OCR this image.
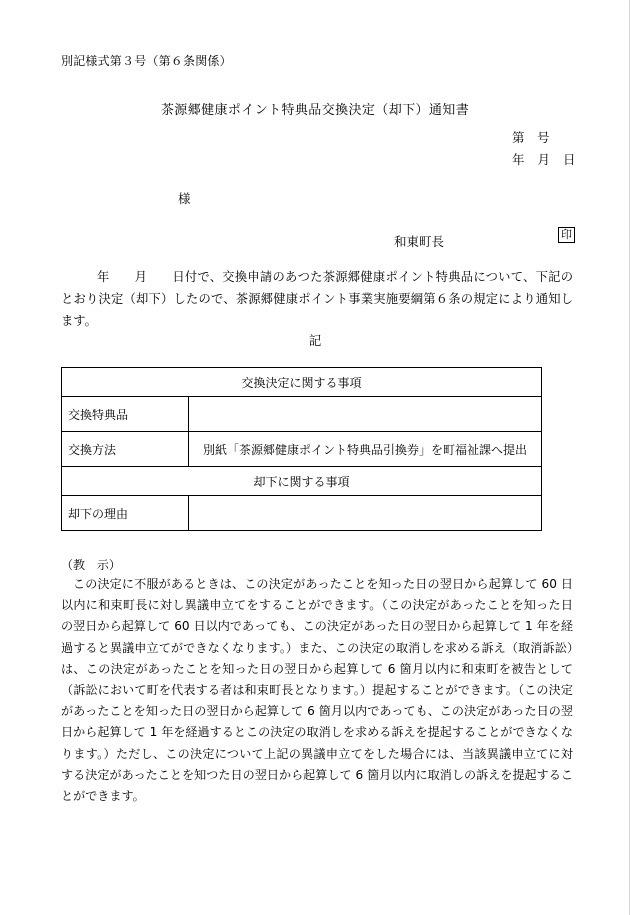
別記様式第３号（第６条関係）
茶源郷健康ポイント特典品交換決定（却下）通知書
第　号
年 月 日
様
和東町長	印
年　　月　　日付で、交換申請のあつた茶源郷健康ポイント特典品について、下記のとおり決定（却下）したので、茶源郷健康ポイント事業実施要綱第６条の規定により通知します。
記
交換決定に関する事項	
交換特典品	
交換方法	別紙「茶源郷健康ポイント特典品引換券」を町福祉課へ提出
却下に関する事項	
却下の理由	
（教 示）
この決定に不服があるときは、この決定があったことを知った日の翌日から起算して 60 日以内に和束町長に対し異議申立てをすることができます。（この決定があったことを知った日の翌日から起算して 60 日以内であっても、この決定があった日の翌日から起算して 1 年を経過すると異議申立てができなくなります。）また、この決定の取消しを求める訴え（取消訴訟）は、この決定があったことを知った日の翌日から起算して 6 箇月以内に和束町を被告として（訴訟において町を代表する者は和束町長となります。）提起することができます。（この決定があったことを知った日の翌日から起算して 6 箇月以内であっても、この決定があった日の翌日から起算して 1 年を経過するとこの決定の取消しを求める訴えを提起することができなくなります。）ただし、この決定について上記の異議申立てをした場合には、当該異議申立てに対する決定があったことを知つた日の翌日から起算して 6 箇月以内に取消しの訴えを提起することができます。
